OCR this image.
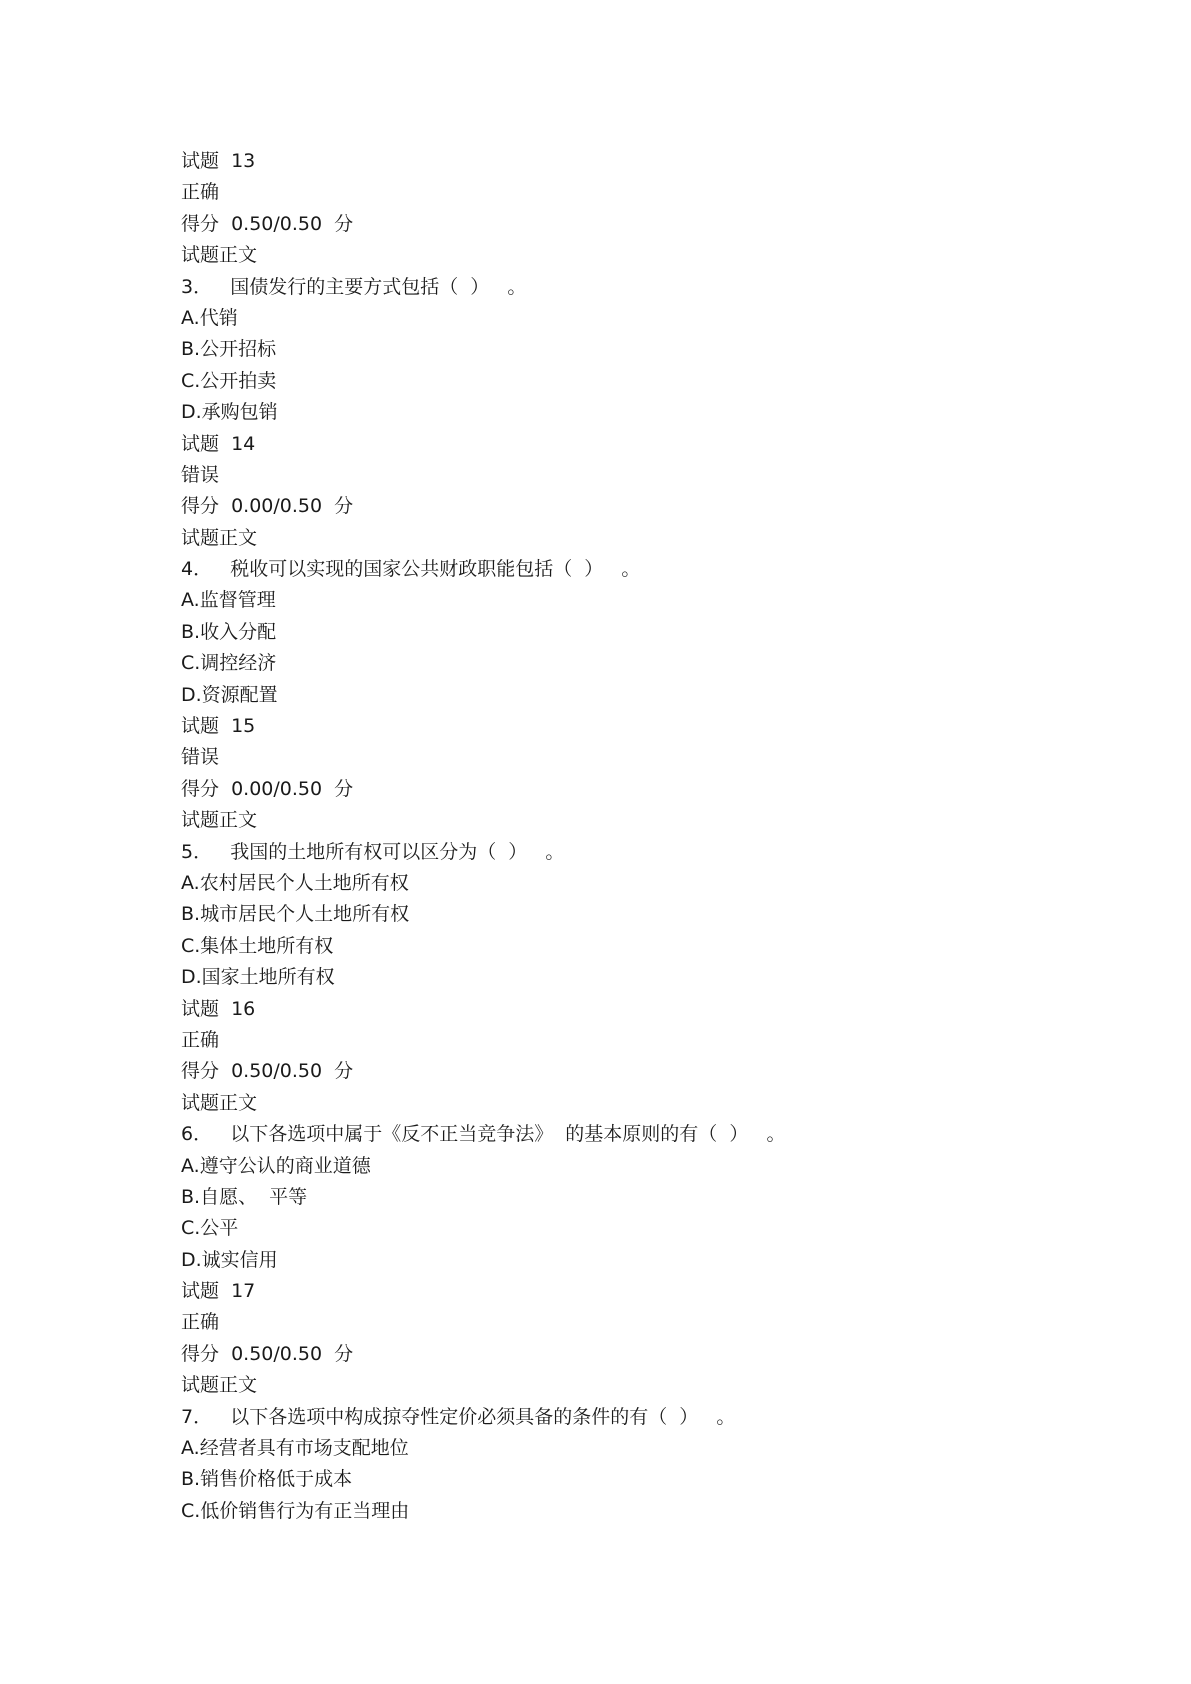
试题  13
正确
得分  0.50/0.50  分
试题正文
3．   国债发行的主要方式包括（  ）   。
A.代销
B.公开招标
C.公开拍卖
D.承购包销
试题  14
错误
得分  0.00/0.50  分
试题正文
4．   税收可以实现的国家公共财政职能包括（  ）   。
A.监督管理
B.收入分配
C.调控经济
D.资源配置
试题  15
错误
得分  0.00/0.50  分
试题正文
5．   我国的土地所有权可以区分为（  ）   。
A.农村居民个人土地所有权
B.城市居民个人土地所有权
C.集体土地所有权
D.国家土地所有权
试题  16
正确
得分  0.50/0.50  分
试题正文
6．   以下各选项中属于《反不正当竞争法》  的基本原则的有（  ）   。
A.遵守公认的商业道德
B.自愿、  平等
C.公平
D.诚实信用
试题  17
正确
得分  0.50/0.50  分
试题正文
7．   以下各选项中构成掠夺性定价必须具备的条件的有（  ）   。
A.经营者具有市场支配地位
B.销售价格低于成本
C.低价销售行为有正当理由
